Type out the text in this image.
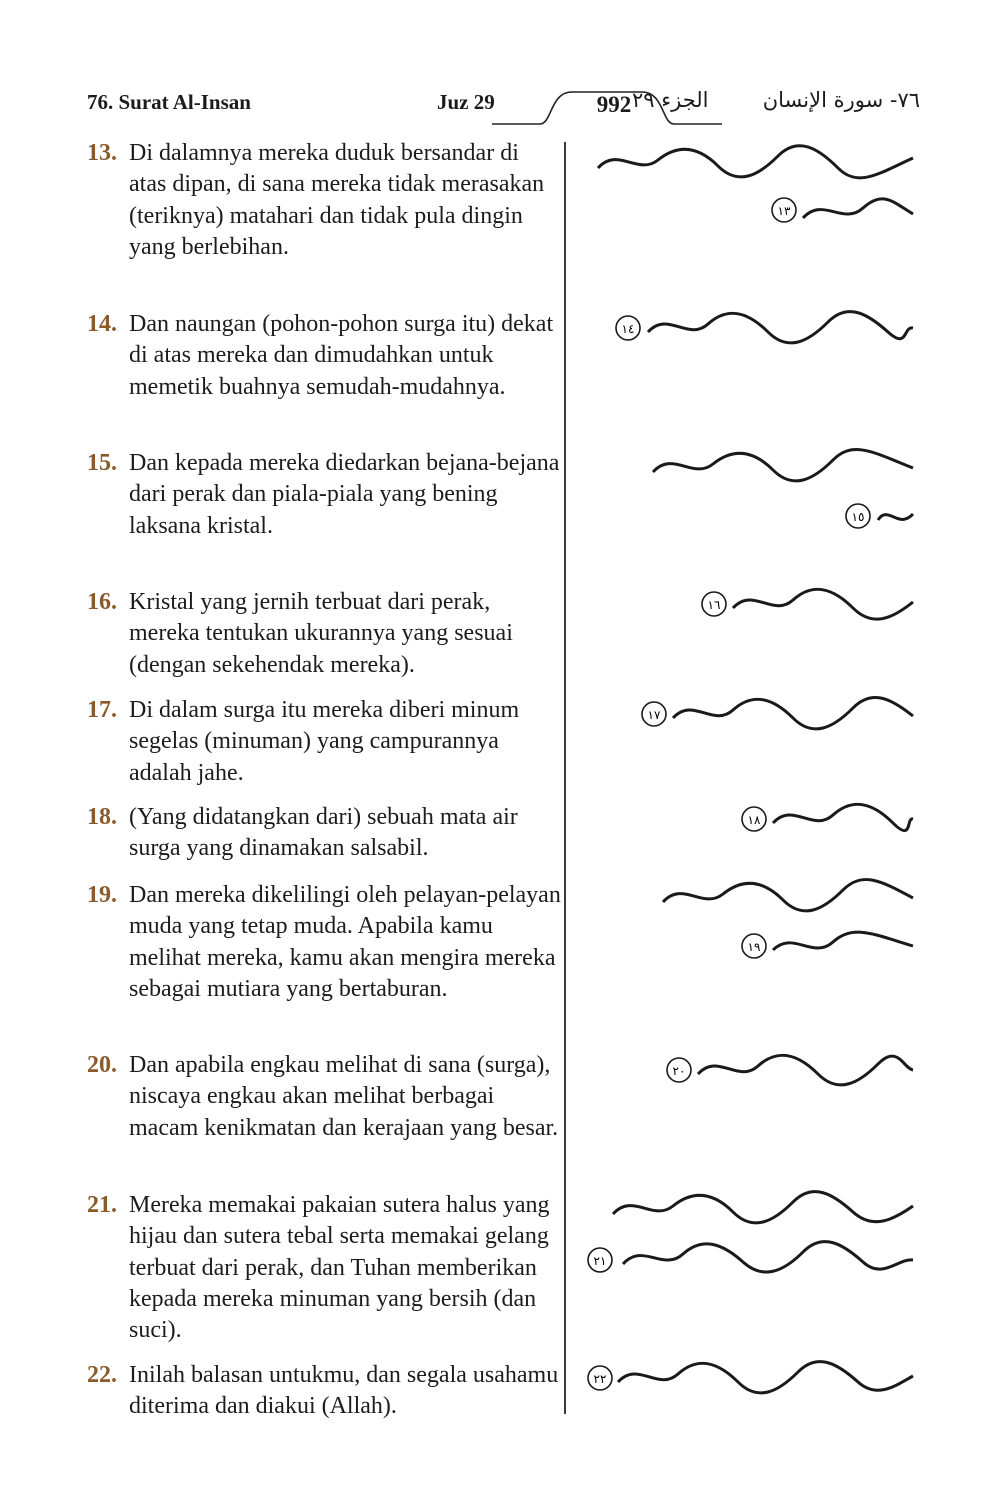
76. Surat Al-Insan	Juz 29	992 الجزء ٢٩	٧٦- سورة الإنسان
13. Di dalamnya mereka duduk bersandar di atas dipan, di sana mereka tidak merasakan (teriknya) matahari dan tidak pula dingin yang berlebihan.
١٣
14. Dan naungan (pohon-pohon surga itu) dekat di atas mereka dan dimudahkan untuk memetik buahnya semudah-mudahnya.
١٤
15. Dan kepada mereka diedarkan bejana-bejana dari perak dan piala-piala yang bening laksana kristal.	١٥
16. Kristal yang jernih terbuat dari perak, mereka tentukan ukurannya yang sesuai (dengan sekehendak mereka).
١٦
17. Di dalam surga itu mereka diberi minum segelas (minuman) yang campurannya adalah jahe.
١٧
18. (Yang didatangkan dari) sebuah mata air surga yang dinamakan salsabil.
١٨
19. Dan mereka dikelilingi oleh pelayan-pelayan muda yang tetap muda. Apabila kamu melihat mereka, kamu akan mengira mereka sebagai mutiara yang bertaburan.
١٩
20. Dan apabila engkau melihat di sana (surga), niscaya engkau akan melihat berbagai macam kenikmatan dan kerajaan yang besar.
٢٠
21. Mereka memakai pakaian sutera halus yang hijau dan sutera tebal serta memakai gelang terbuat dari perak, dan Tuhan memberikan kepada mereka minuman yang bersih (dan suci).
٢١
22. Inilah balasan untukmu, dan segala usahamu diterima dan diakui (Allah).
٢٢
